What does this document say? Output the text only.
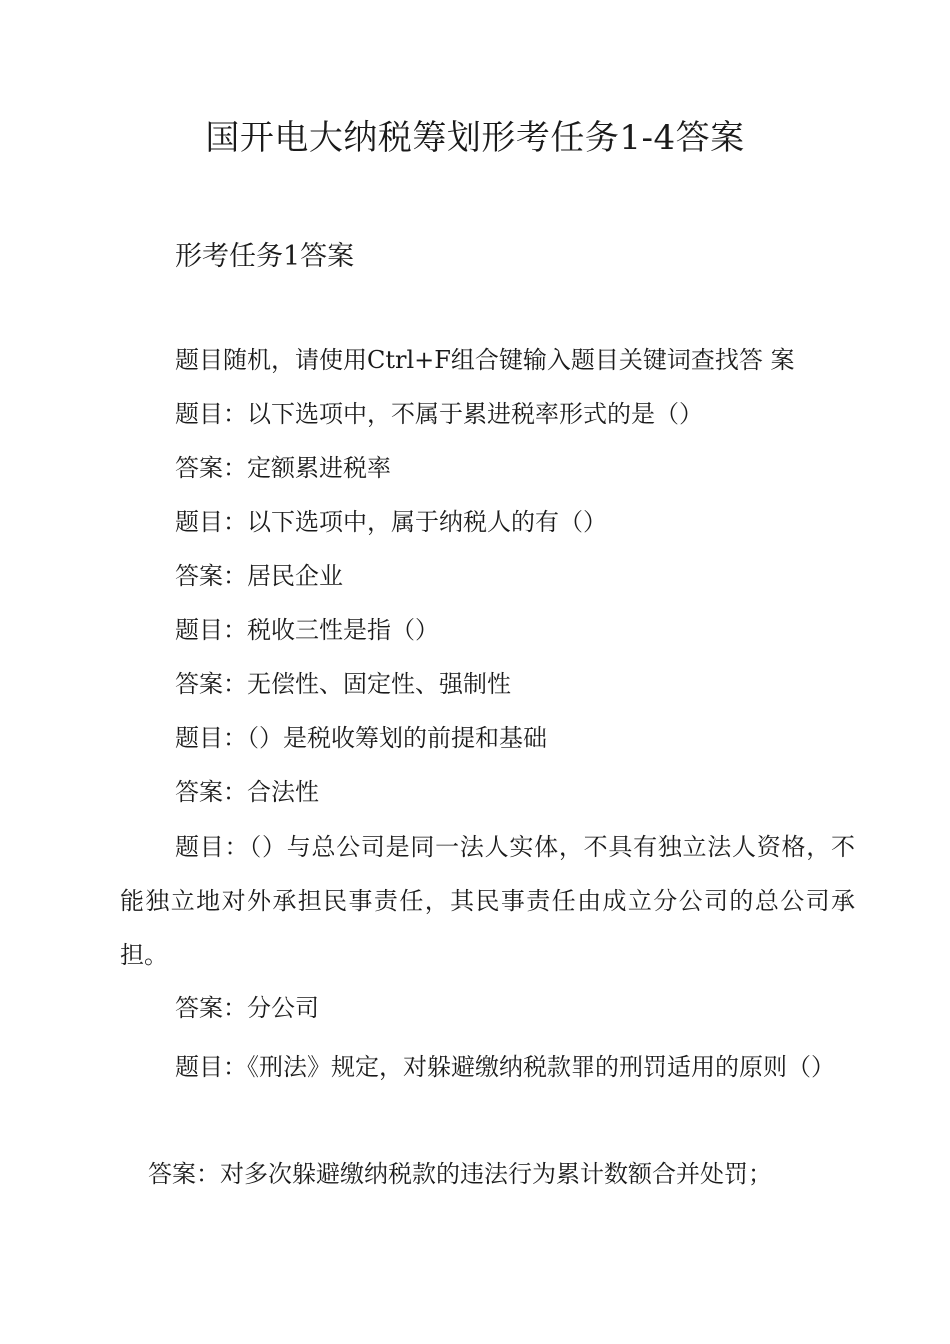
国开电大纳税筹划形考任务1-4答案
形考任务1答案
题目随机，请使用Ctrl+F组合键输入题目关键词查找答 案
题目：以下选项中，不属于累进税率形式的是（）
答案：定额累进税率
题目：以下选项中，属于纳税人的有（）
答案：居民企业
题目：税收三性是指（）
答案：无偿性、固定性、强制性
题目：（）是税收筹划的前提和基础
答案：合法性
题目：（）与总公司是同一法人实体，不具有独立法人资格，不能独立地对外承担民事责任，其民事责任由成立分公司的总公司承担。
答案：分公司
题目：《刑法》规定，对躲避缴纳税款罪的刑罚适用的原则（）
答案：对多次躲避缴纳税款的违法行为累计数额合并处罚；
